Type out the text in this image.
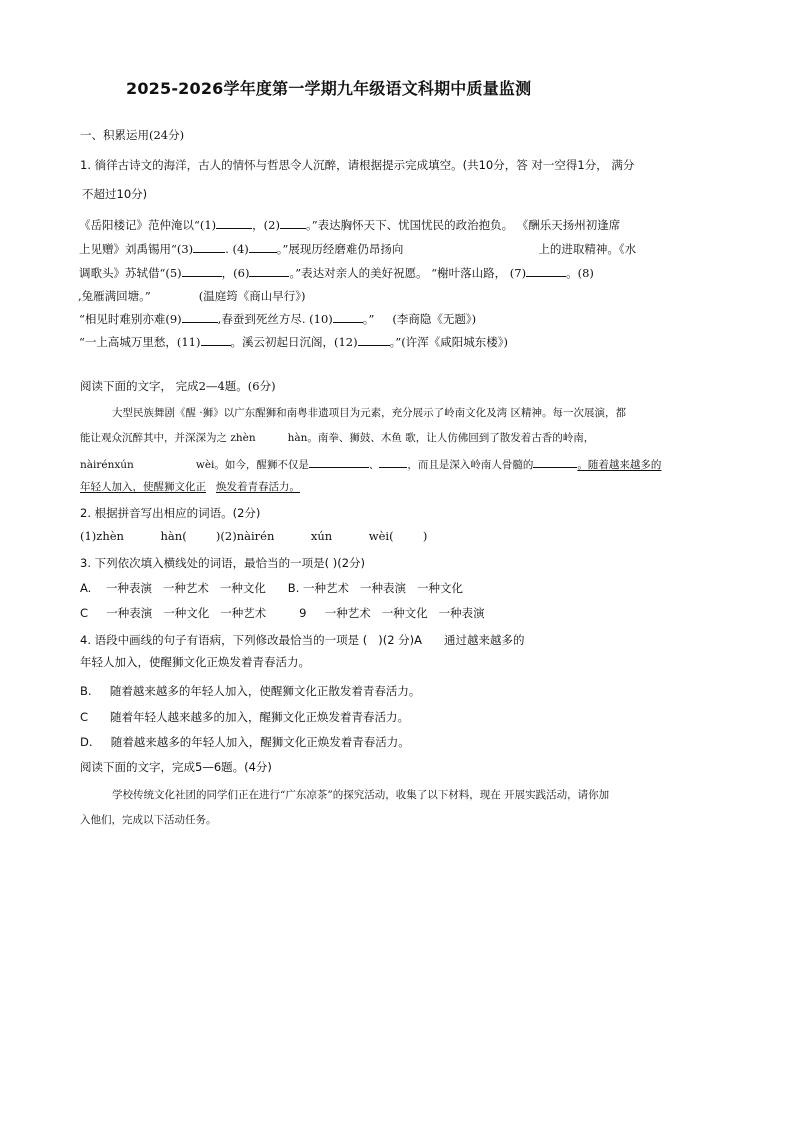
2025-2026学年度第一学期九年级语文科期中质量监测
一、积累运用(24分)
1. 徜徉古诗文的海洋，古人的情怀与哲思令人沉醉，请根据提示完成填空。(共10分，答 对一空得1分， 满分
不超过10分)
《岳阳楼记》范仲淹以“(1)	，(2) 。”表达胸怀天下、忧国忧民的政治抱负。 《酬乐天扬州初逢席
上见赠》刘禹锡用“(3)	. (4) 。”展现历经磨难仍昂扬向	上的进取精神。《水
调歌头》苏轼借“(5)	，(6)	。”表达对亲人的美好祝愿。 “榭叶落山路， (7)	。(8)
,兔雁满回塘。”	(温庭筠《商山早行》)
“相见时难别亦难(9)	,春蚕到死丝方尽. (10)	。” (李商隐《无题》)
“一上高城万里愁，(11)	。溪云初起日沉阁，(12)	。”(许浑《咸阳城东楼》)
阅读下面的文字， 完成2—4题。(6分)
大型民族舞剧《醒 ·狮》以广东醒狮和南粤非遗项目为元素，充分展示了岭南文化及湾 区精神。每一次展演，都
能让观众沉醉其中，并深深为之 zhèn	hàn。南拳、狮鼓、木鱼 歌，让人仿佛回到了散发着古香的岭南，
nàirénxún	wèi。如今，醒狮不仅是	、	，而且是深入岭南人骨髓的	。随着越来越多的
年轻人加入，使醒狮文化正 焕发着青春活力。
2. 根据拼音写出相应的词语。(2分)
(1)zhèn          hàn(        )(2)nàirén          xún          wèi(        )
3. 下列依次填入横线处的词语，最恰当的一项是( )(2分)
A.    一种表演   一种艺术   一种文化      B. 一种艺术   一种表演   一种文化
C     一种表演   一种文化   一种艺术         9     一种艺术   一种文化   一种表演
4. 语段中画线的句子有语病，下列修改最恰当的一项是 (   )(2 分)A      通过越来越多的
年轻人加入，使醒狮文化正焕发着青春活力。
B.     随着越来越多的年轻人加入，使醒狮文化正散发着青春活力。
C      随着年轻人越来越多的加入，醒狮文化正焕发着青春活力。
D.     随着越来越多的年轻人加入，醒狮文化正焕发着青春活力。
阅读下面的文字，完成5—6题。(4分)
学校传统文化社团的同学们正在进行“广东凉茶”的探究活动，收集了以下材料，现在 开展实践活动，请你加
入他们，完成以下活动任务。
